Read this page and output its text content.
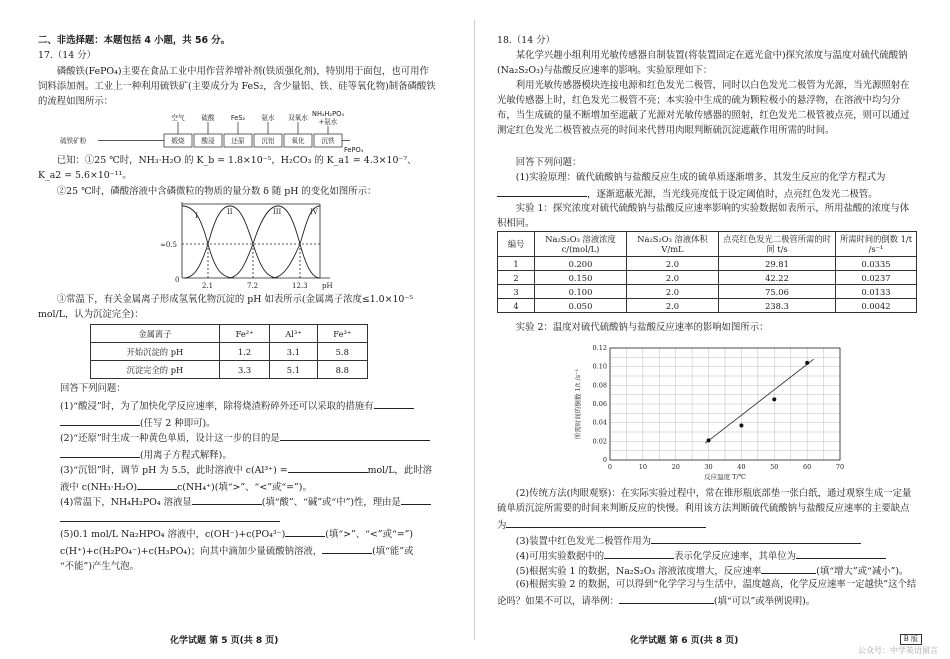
二、非选择题：本题包括 4 小题，共 56 分。

17.（14 分）

磷酸铁(FePO₄)主要在食品工业中用作营养增补剂(铁质强化剂)，特别用于面包，也可用作饲料添加剂。工业上一种利用硫铁矿(主要成分为 FeS₂，含少量铝、铁、硅等氧化物)制备磷酸铁的流程如图所示：

空气	硫酸 FeS₂ 氨水 双氧水 NH₄H₂PO₄
+氨水
硫铁矿粉	煅烧	酸浸	还原	沉铝	氧化	沉铁
FePO₄

已知：①25 ℃时，NH₃·H₂O 的 K_b = 1.8×10⁻⁵，H₂CO₃ 的 K_a1 = 4.3×10⁻⁷、K_a2 = 5.6×10⁻¹¹。

②25 ℃时，磷酸溶液中含磷微粒的物质的量分数 δ 随 pH 的变化如图所示：

I	II	III	IV
≈0.5
0
2.1	7.2	12.3 pH

③常温下，有关金属离子形成氢氧化物沉淀的 pH 如表所示(金属离子浓度≤1.0×10⁻⁵ mol/L，认为沉淀完全)：

金属离子	Fe²⁺	Al³⁺	Fe³⁺
开始沉淀的 pH	1.2	3.1	5.8
沉淀完全的 pH	3.3	5.1	8.8

回答下列问题：

(1)“酸浸”时，为了加快化学反应速率，除将烧渣粉碎外还可以采取的措施有
(任写 2 种即可)。

(2)“还原”时生成一种黄色单质，设计这一步的目的是
(用离子方程式解释)。

(3)“沉铝”时，调节 pH 为 5.5，此时溶液中 c(Al³⁺) =	mol/L，此时溶
液中 c(NH₃·H₂O)	c(NH₄⁺)(填“>”、“<”或“=”)。

(4)常温下，NH₄H₂PO₄ 溶液显	(填“酸”、“碱”或“中”)性，理由是

(5)0.1 mol/L Na₂HPO₄ 溶液中，c(OH⁻)+c(PO₄³⁻)	(填“>”、“<”或“=”)
c(H⁺)+c(H₂PO₄⁻)+c(H₃PO₄)；向其中滴加少量硫酸钠溶液，	(填“能”或
“不能”)产生气泡。

化学试题 第 5 页(共 8 页)

18.（14 分）

某化学兴趣小组利用光敏传感器自制装置(将装置固定在遮光盒中)探究浓度与温度对硫代硫酸钠(Na₂S₂O₃)与盐酸反应速率的影响。实验原理如下：

利用光敏传感器模块连接电源和红色发光二极管，同时以白色发光二极管为光源，当光源照射在光敏传感器上时，红色发光二极管不亮；本实验中生成的硫为颗粒极小的悬浮物，在溶液中均匀分布，当生成硫的量不断增加至遮蔽了光源对光敏传感器的照射，红色发光二极管被点亮，则可以通过测定红色发光二极管被点亮的时间来代替用肉眼判断硫沉淀遮蔽作用所需的时间。

回答下列问题：

(1)实验原理：硫代硫酸钠与盐酸反应生成的硫单质逐渐增多，其发生反应的化学方程式为，逐渐遮蔽光源，当光线亮度低于设定阈值时，点亮红色发光二极管。

实验 1：探究浓度对硫代硫酸钠与盐酸反应速率影响的实验数据如表所示，所用盐酸的浓度与体积相同。

编号	Na₂S₂O₃ 溶液浓度 c/(mol/L)	Na₂S₂O₃ 溶液体积 V/mL	点亮红色发光二极管所需的时间 t/s	所需时间的倒数 1/t /s⁻¹
1	0.200	2.0	29.81	0.0335
2	0.150	2.0	42.22	0.0237
3	0.100	2.0	75.06	0.0133
4	0.050	2.0	238.3	0.0042

实验 2：温度对硫代硫酸钠与盐酸反应速率的影响如图所示：

0	10	20	30	40	50	60	70
0
0.02
0.04
0.06
0.08
0.10
0.12
反应温度 T/℃
所需时间的倒数 1/t /s⁻¹

(2)传统方法(肉眼观察)：在实际实验过程中，常在锥形瓶底部垫一张白纸，通过观察生成一定量硫单质沉淀所需要的时间来判断反应的快慢。利用该方法判断硫代硫酸钠与盐酸反应速率的主要缺点为

(3)装置中红色发光二极管作用为

(4)可用实验数据中的	表示化学反应速率，其单位为

(5)根据实验 1 的数据，Na₂S₂O₃ 溶液浓度增大，反应速率	(填“增大”或“减小”)。

(6)根据实验 2 的数据，可以得到“化学学习与生活中，温度越高，化学反应速率一定越快”这个结论吗？如果不可以，请举例：	(填“可以”或举例说明)。

化学试题 第 6 页(共 8 页)	B 版
公众号：中学英语留言
